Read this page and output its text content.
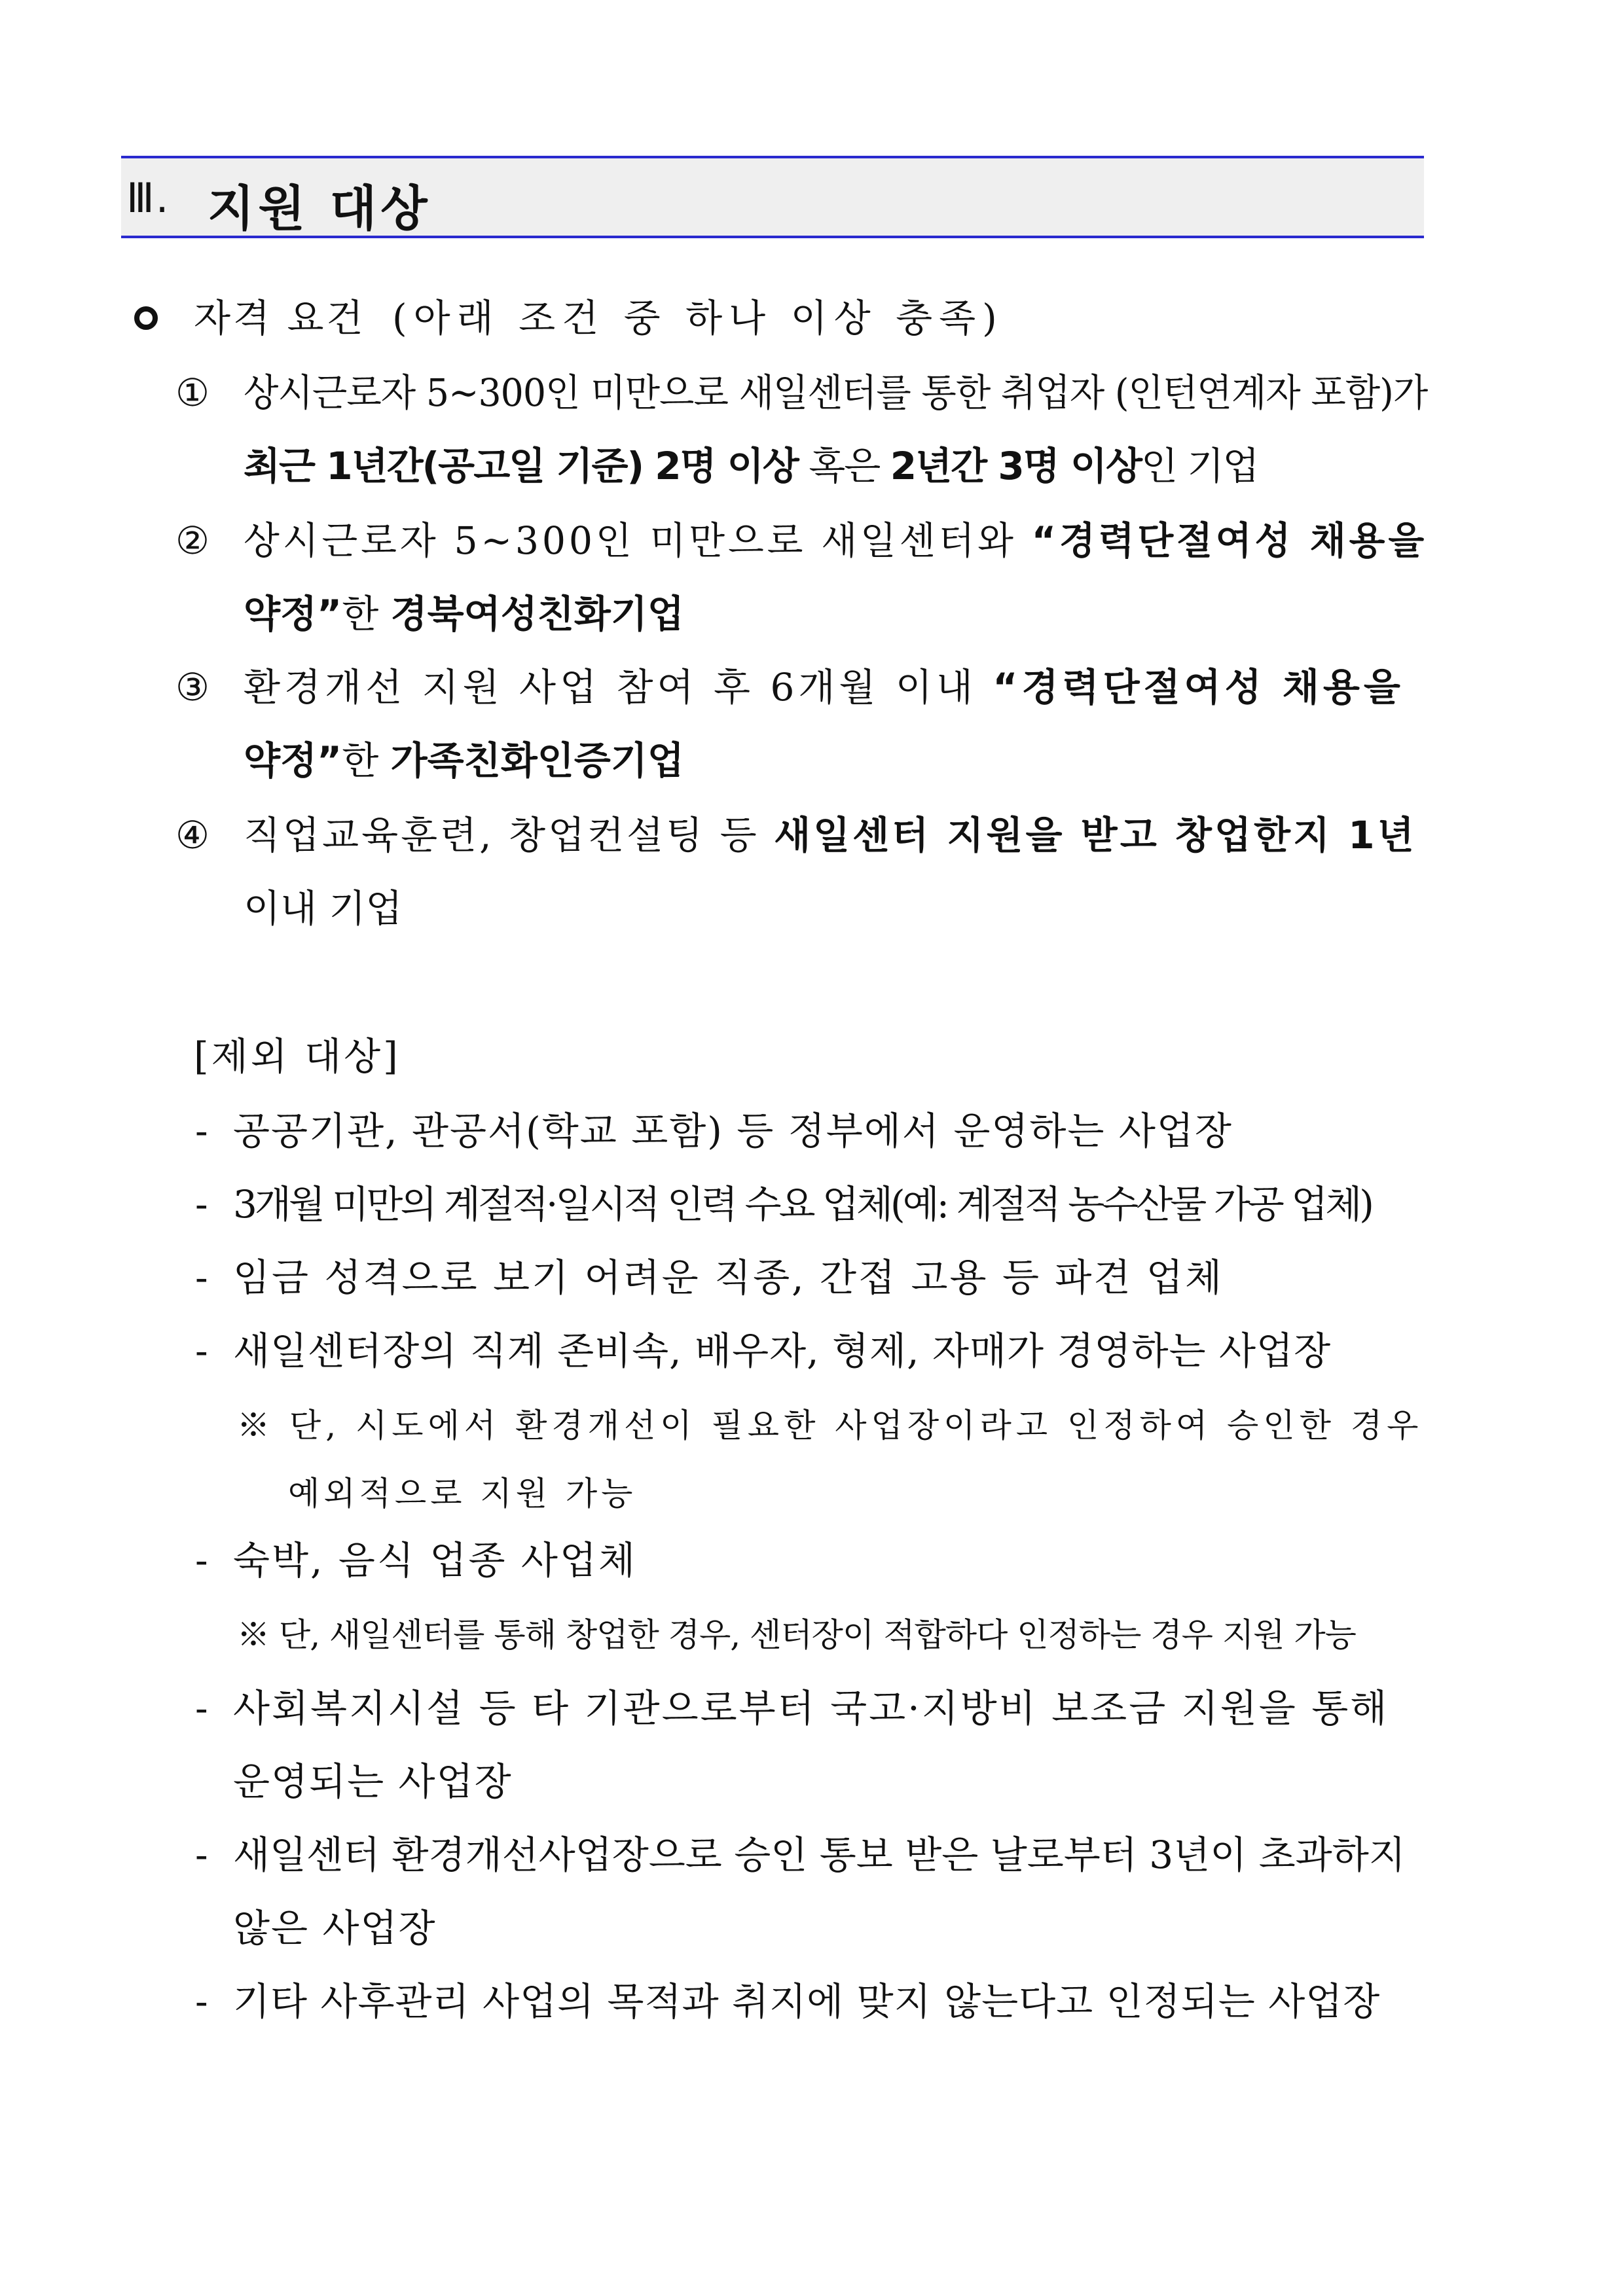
Ⅲ. 지원 대상
자격 요건 (아래 조건 중 하나 이상 충족)
① 상시근로자 5~300인 미만으로 새일센터를 통한 취업자 (인턴연계자 포함)가
최근 1년간(공고일 기준) 2명 이상 혹은 2년간 3명 이상인 기업
② 상시근로자 5~300인 미만으로 새일센터와 “경력단절여성 채용을
약정”한 경북여성친화기업
③ 환경개선 지원 사업 참여 후 6개월 이내 “경력단절여성 채용을
약정”한 가족친화인증기업
④ 직업교육훈련, 창업컨설팅 등 새일센터 지원을 받고 창업한지 1년
이내 기업
[제외 대상]
- 공공기관, 관공서(학교 포함) 등 정부에서 운영하는 사업장
- 3개월 미만의 계절적·일시적 인력 수요 업체(예: 계절적 농수산물 가공 업체)
- 임금 성격으로 보기 어려운 직종, 간접 고용 등 파견 업체
- 새일센터장의 직계 존비속, 배우자, 형제, 자매가 경영하는 사업장
※ 단, 시도에서 환경개선이 필요한 사업장이라고 인정하여 승인한 경우
예외적으로 지원 가능
- 숙박, 음식 업종 사업체
※ 단, 새일센터를 통해 창업한 경우, 센터장이 적합하다 인정하는 경우 지원 가능
- 사회복지시설 등 타 기관으로부터 국고·지방비 보조금 지원을 통해
운영되는 사업장
- 새일센터 환경개선사업장으로 승인 통보 받은 날로부터 3년이 초과하지
않은 사업장
- 기타 사후관리 사업의 목적과 취지에 맞지 않는다고 인정되는 사업장
